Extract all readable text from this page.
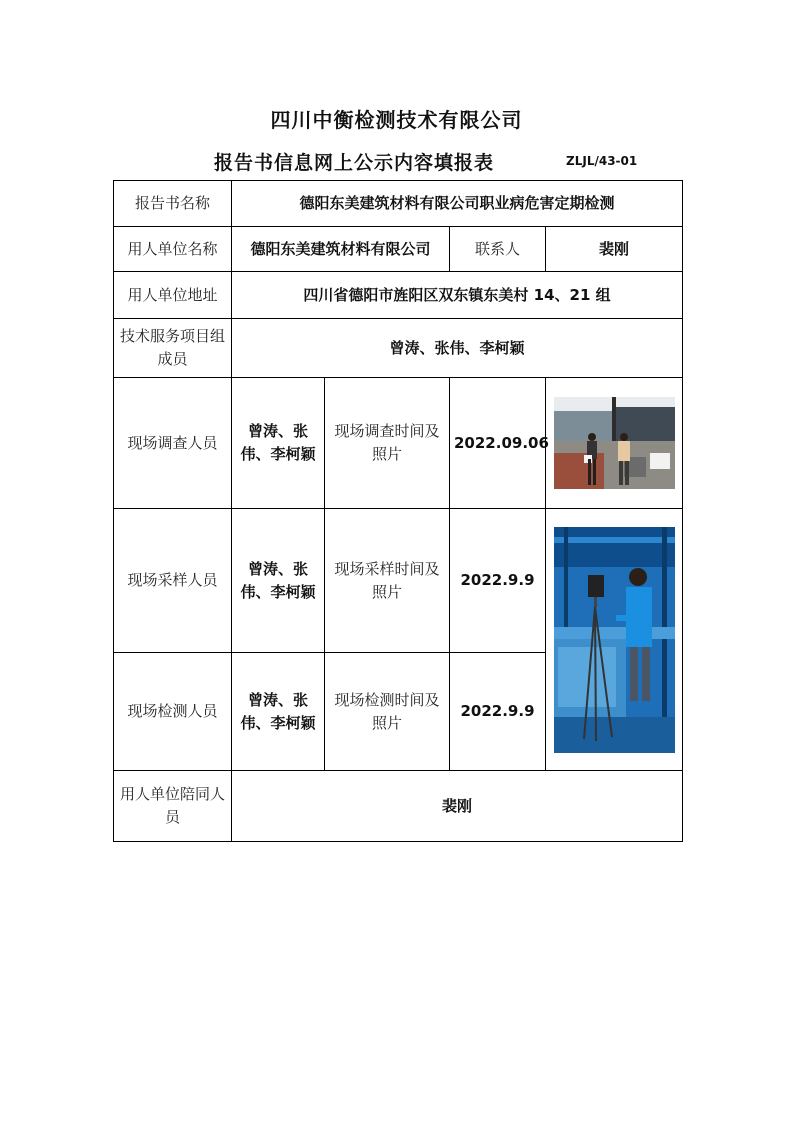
四川中衡检测技术有限公司
报告书信息网上公示内容填报表	ZLJL/43-01
报告书名称	德阳东美建筑材料有限公司职业病危害定期检测			
用人单位名称	德阳东美建筑材料有限公司		联系人	裴刚
用人单位地址	四川省德阳市旌阳区双东镇东美村 14、21 组			
技术服务项目组成员	曾涛、张伟、李柯颖			
现场调查人员	曾涛、张伟、李柯颖	现场调查时间及照片	2022.09.06	

现场采样人员	曾涛、张伟、李柯颖	现场采样时间及照片	2022.9.9	

现场检测人员	曾涛、张伟、李柯颖	现场检测时间及照片	2022.9.9	
用人单位陪同人员	裴刚			
